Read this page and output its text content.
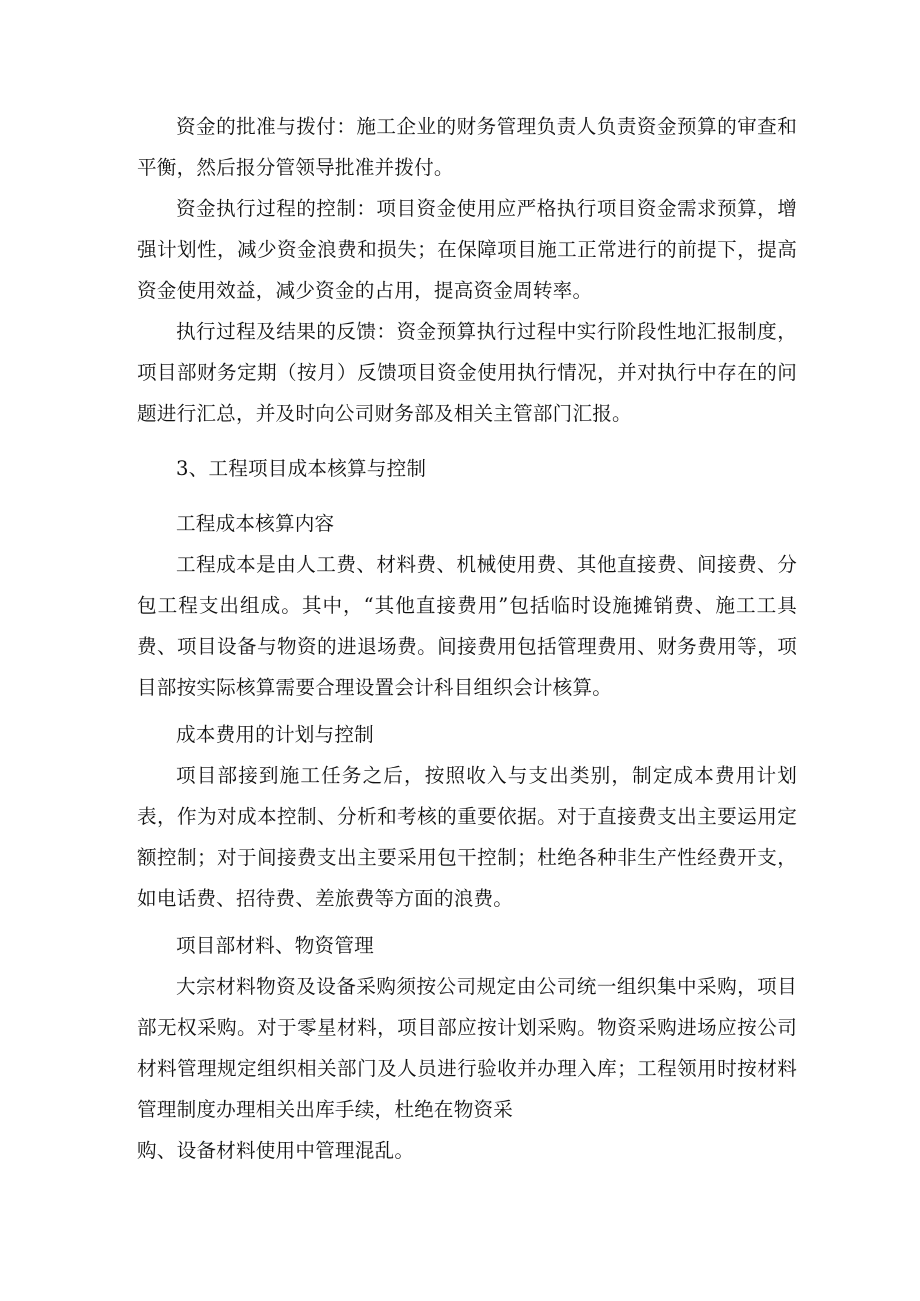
资金的批准与拨付：施工企业的财务管理负责人负责资金预算的审查和平衡，然后报分管领导批准并拨付。

资金执行过程的控制：项目资金使用应严格执行项目资金需求预算，增强计划性，减少资金浪费和损失；在保障项目施工正常进行的前提下，提高资金使用效益，减少资金的占用，提高资金周转率。

执行过程及结果的反馈：资金预算执行过程中实行阶段性地汇报制度，项目部财务定期（按月）反馈项目资金使用执行情况，并对执行中存在的问题进行汇总，并及时向公司财务部及相关主管部门汇报。

3、工程项目成本核算与控制

工程成本核算内容

工程成本是由人工费、材料费、机械使用费、其他直接费、间接费、分包工程支出组成。其中，“其他直接费用”包括临时设施摊销费、施工工具费、项目设备与物资的进退场费。间接费用包括管理费用、财务费用等，项目部按实际核算需要合理设置会计科目组织会计核算。

成本费用的计划与控制

项目部接到施工任务之后，按照收入与支出类别，制定成本费用计划表，作为对成本控制、分析和考核的重要依据。对于直接费支出主要运用定额控制；对于间接费支出主要采用包干控制；杜绝各种非生产性经费开支，如电话费、招待费、差旅费等方面的浪费。

项目部材料、物资管理

大宗材料物资及设备采购须按公司规定由公司统一组织集中采购，项目部无权采购。对于零星材料，项目部应按计划采购。物资采购进场应按公司材料管理规定组织相关部门及人员进行验收并办理入库；工程领用时按材料管理制度办理相关出库手续，杜绝在物资采
购、设备材料使用中管理混乱。
